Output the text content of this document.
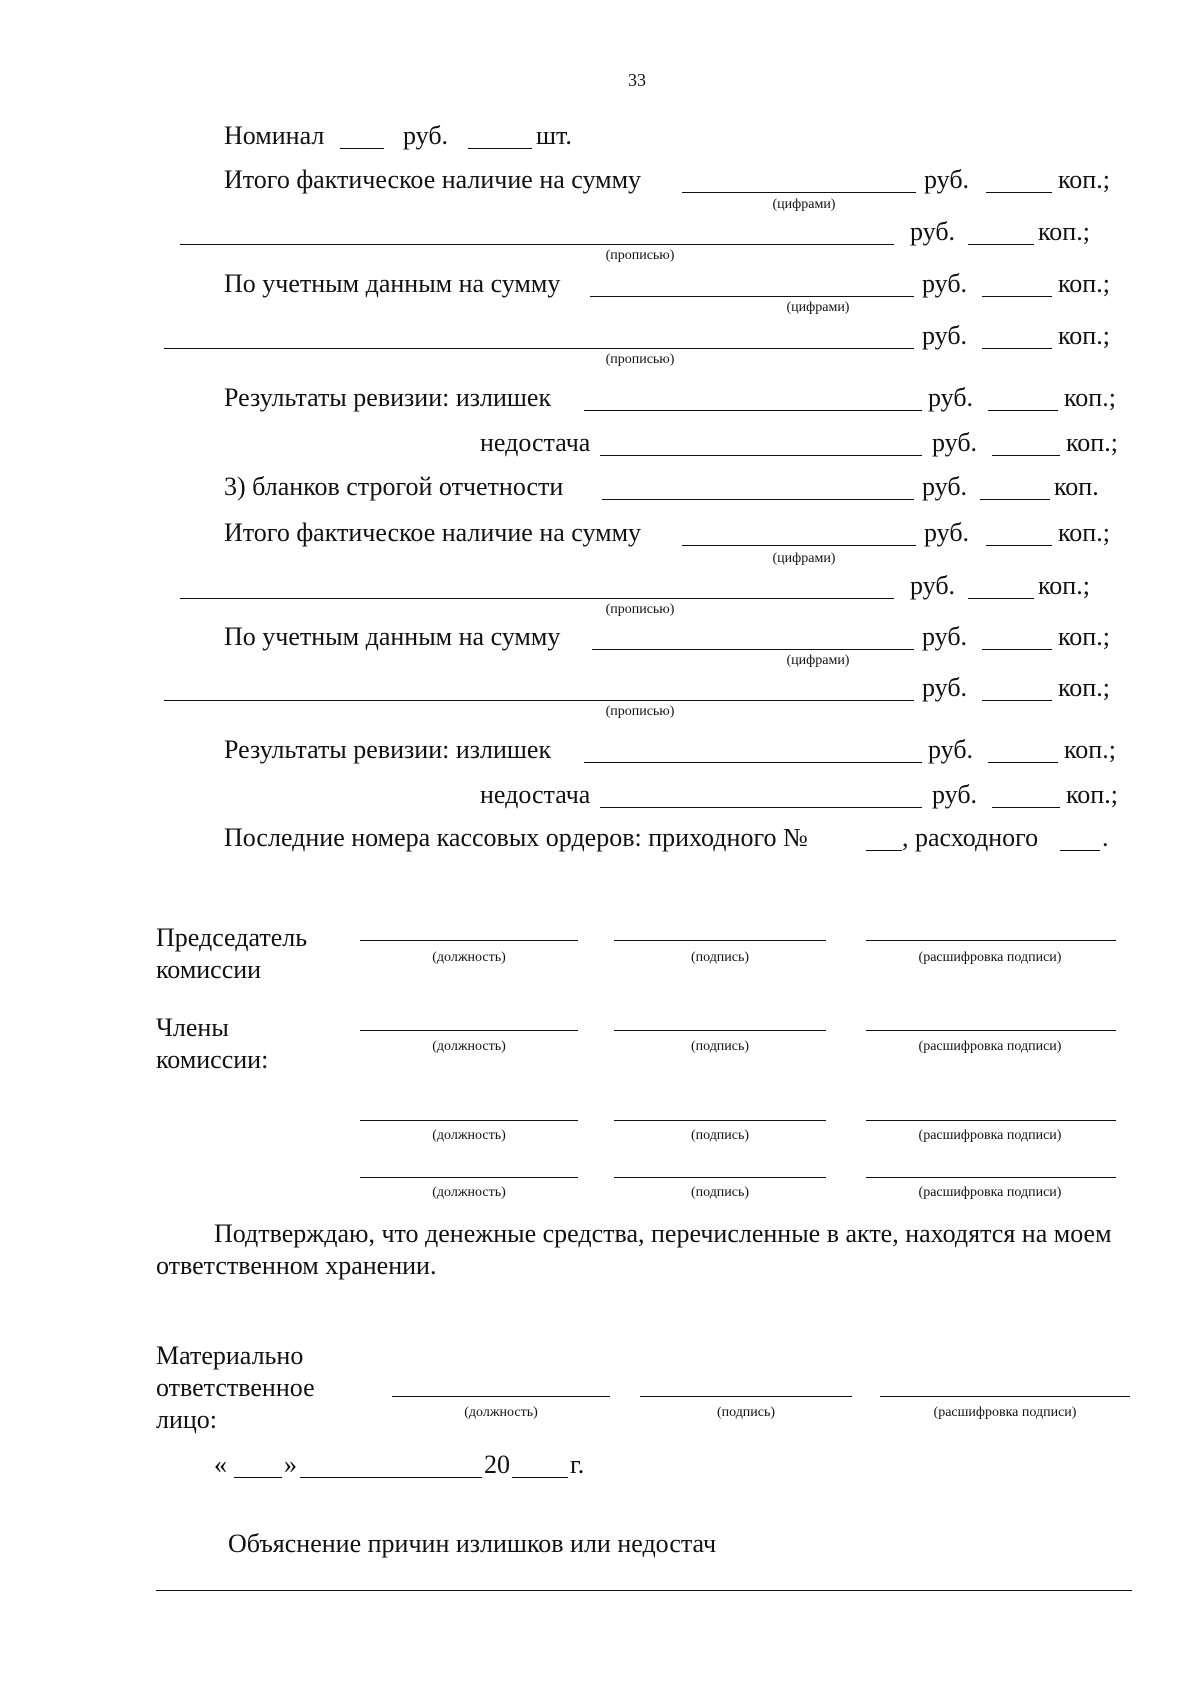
33
Номинал	руб.	шт.
Итого фактическое наличие на сумму	руб.	коп.;
(цифрами)
руб.	коп.;
(прописью)
По учетным данным на сумму	руб.	коп.;
(цифрами)
руб.	коп.;
(прописью)
Результаты ревизии: излишек	руб.	коп.;
недостача	руб.	коп.;
3) бланков строгой отчетности	руб.	коп.
Итого фактическое наличие на сумму	руб.	коп.;
(цифрами)
руб.	коп.;
(прописью)
По учетным данным на сумму	руб.	коп.;
(цифрами)
руб.	коп.;
(прописью)
Результаты ревизии: излишек	руб.	коп.;
недостача	руб.	коп.;
Последние номера кассовых ордеров: приходного №	, расходного .
Председатель
комиссии	(должность)	(подпись)	(расшифровка подписи)
Члены
комиссии:	(должность)	(подпись)	(расшифровка подписи)
(должность)	(подпись)	(расшифровка подписи)
(должность)	(подпись)	(расшифровка подписи)
Подтверждаю, что денежные средства, перечисленные в акте, находятся на моем ответственном хранении.
Материально
ответственное
лицо:	(должность)	(подпись)	(расшифровка подписи)
« »	20 г.
Объяснение причин излишков или недостач
